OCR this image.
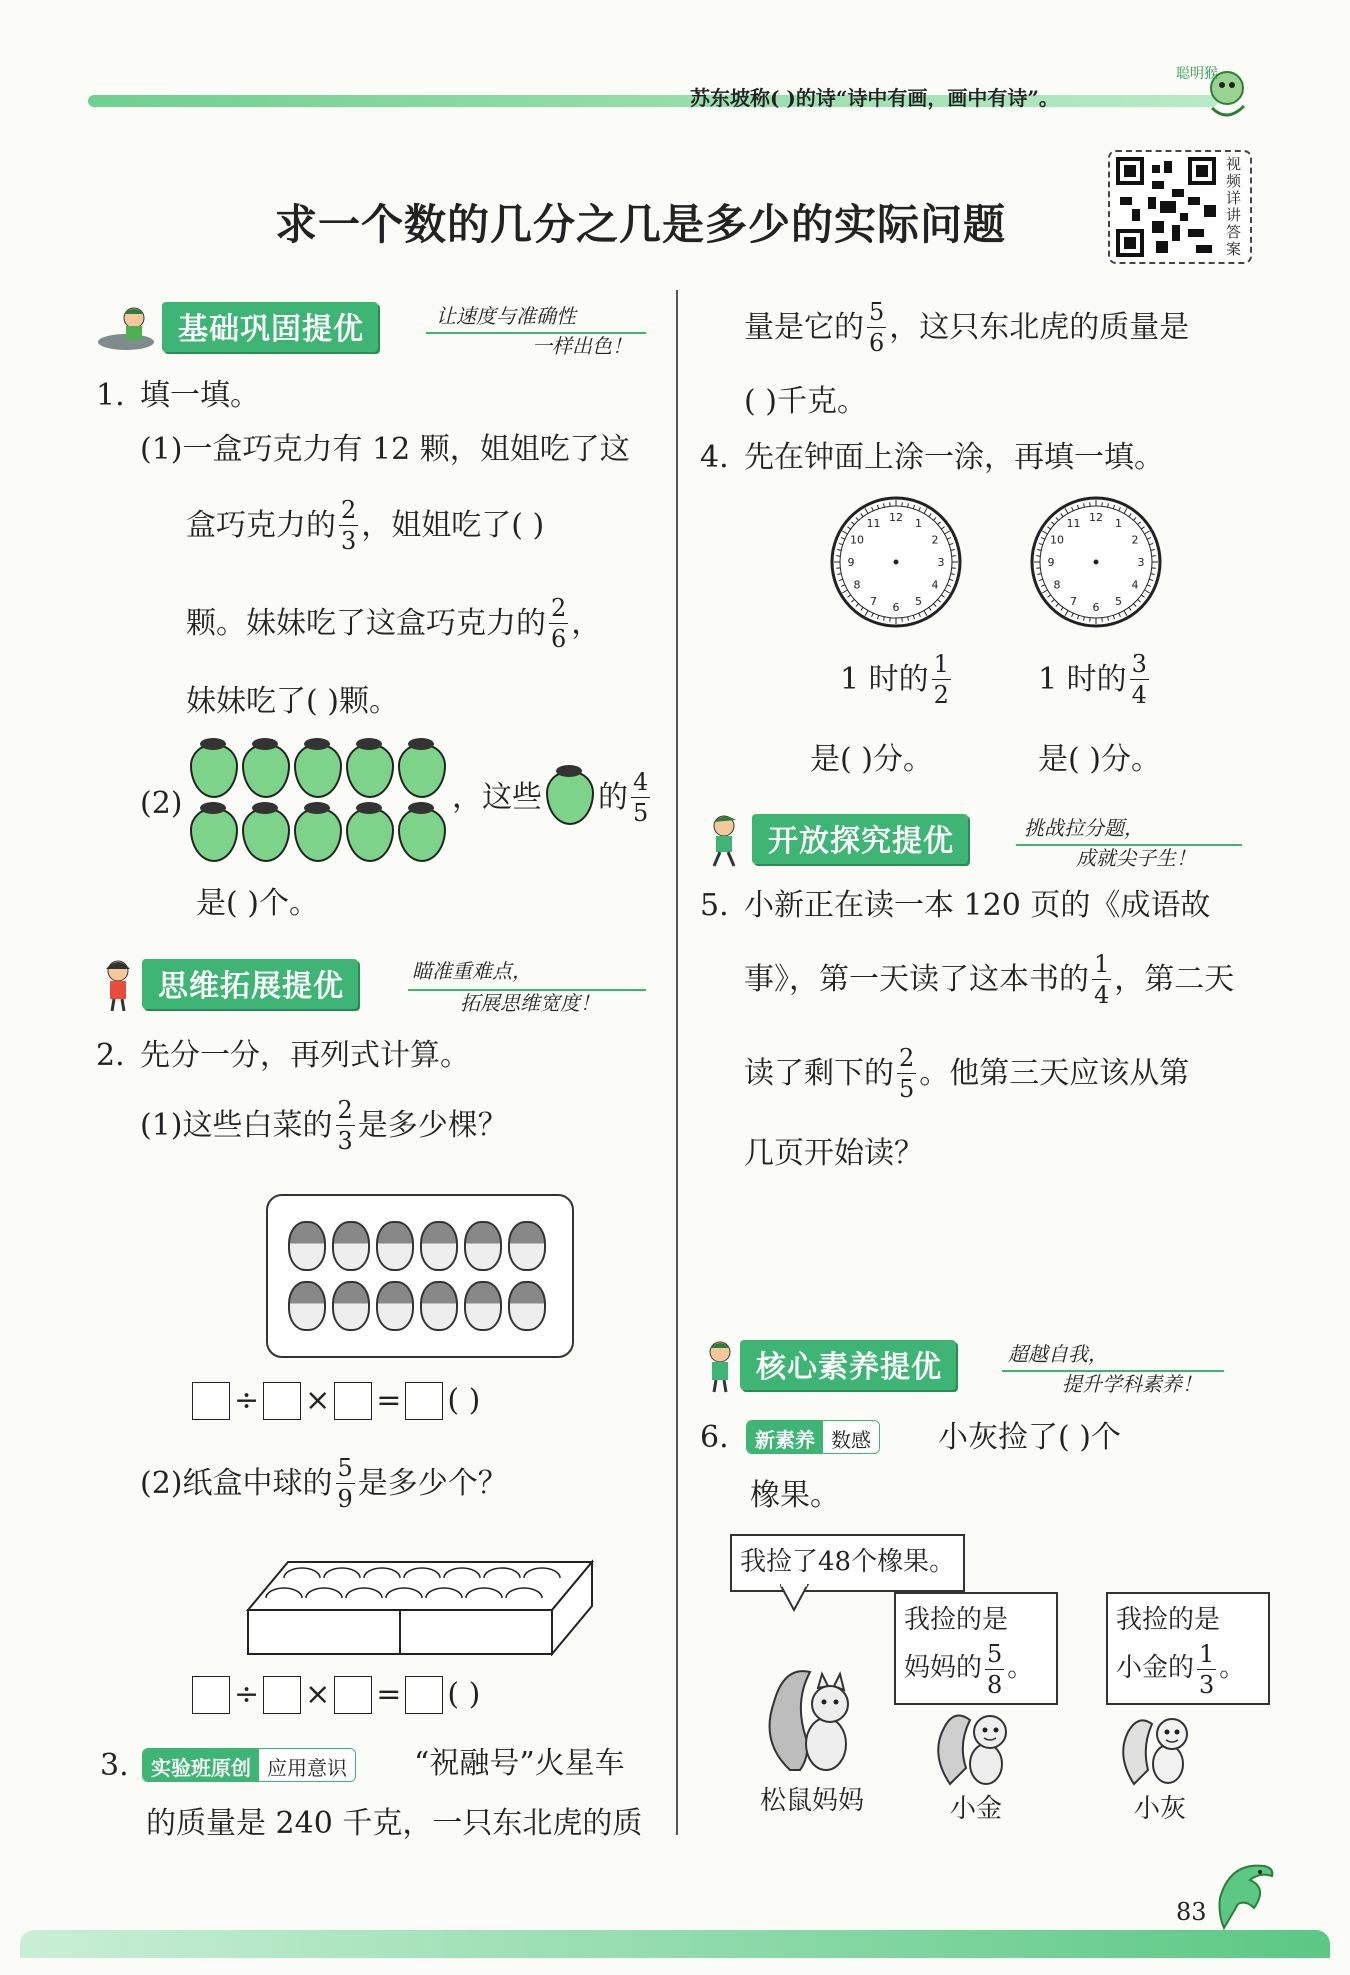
苏东坡称( )的诗“诗中有画，画中有诗”。
聪明猴
求一个数的几分之几是多少的实际问题
视频详讲答案
基础巩固提优	让速度与准确性
一样出色！
1. 填一填。
(1)一盒巧克力有 12 颗，姐姐吃了这
盒巧克力的 $\frac{2}{3}$ ，姐姐吃了( )
颗。妹妹吃了这盒巧克力的 $\frac{2}{6}$ ，
妹妹吃了( )颗。
(2)	，这些 的 $\frac{4}{5}$
是( )个。
思维拓展提优	瞄准重难点，
拓展思维宽度！
2. 先分一分，再列式计算。
(1)这些白菜的 $\frac{2}{3}$ 是多少棵？
÷ × = ( )
(2)纸盒中球的 $\frac{5}{9}$ 是多少个？
÷ × = ( )
3.	实验班原创 应用意识 “祝融号”火星车
的质量是 240 千克，一只东北虎的质
量是它的 $\frac{5}{6}$ ，这只东北虎的质量是
( )千克。
4. 先在钟面上涂一涂，再填一填。
12 1
2
3
4
5
6
7
8
9
10
11	12 1
2
3
4
5
6
7
8
9
10
11
1 时的 $\frac{1}{2}$
是( )分。
1 时的 $\frac{3}{4}$
是( )分。
开放探究提优	挑战拉分题，
成就尖子生！
5. 小新正在读一本 120 页的《成语故
事》，第一天读了这本书的 $\frac{1}{4}$ ，第二天
读了剩下的 $\frac{2}{5}$ 。他第三天应该从第
几页开始读？
核心素养提优	超越自我，
提升学科素养！
6.	新素养 数感 小灰捡了( )个
橡果。
我捡了48个橡果。
我捡的是
妈妈的 $\frac{5}{8}$ 。
我捡的是
小金的 $\frac{1}{3}$ 。
松鼠妈妈	小金	小灰
83
